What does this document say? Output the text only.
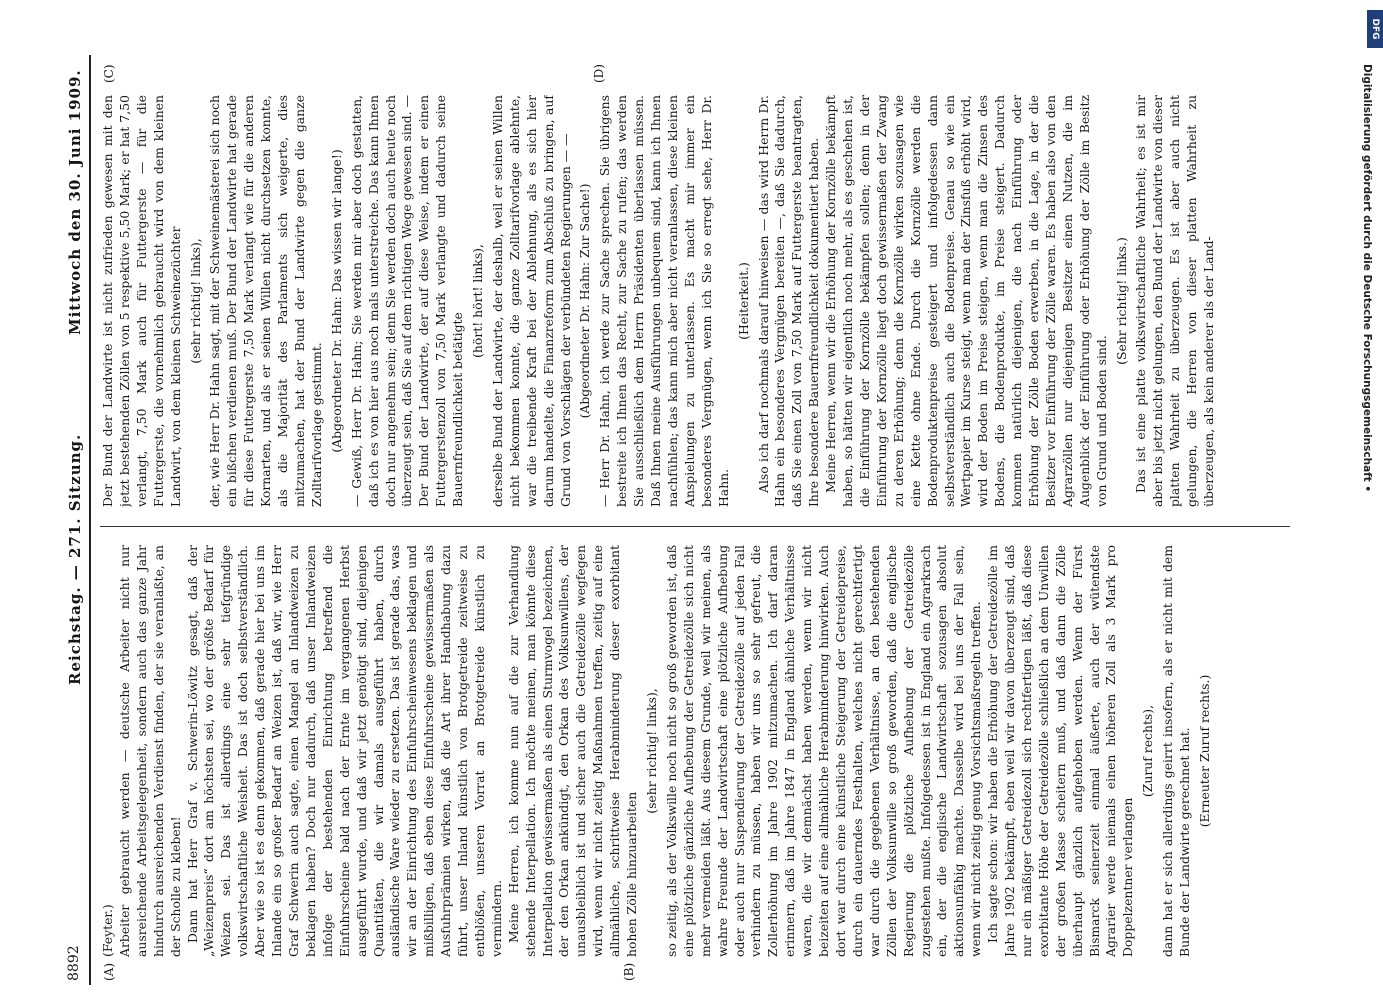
8892
Reichstag. — 271. Sitzung.
Mittwoch den 30. Juni 1909.
(A)	(B)
(C)	(D)

(Feyter.) Arbeiter gebraucht werden — deutsche Arbeiter nicht nur ausreichende Arbeitsgelegenheit, sondern auch das ganze Jahr hindurch ausreichenden Verdienst finden, der sie veranlaßte, an der Scholle zu kleben! Dann hat Herr Graf v. Schwerin-Löwitz gesagt, daß der „Weizenpreis“ dort am höchsten sei, wo der größte Bedarf für Weizen sei. Das ist allerdings eine sehr tiefgründige volkswirtschaftliche Weisheit. Das ist doch selbstverständlich. Aber wie so ist es denn gekommen, daß gerade hier bei uns im Inlande ein so großer Bedarf an Weizen ist, daß wir, wie Herr Graf Schwerin auch sagte, einen Mangel an Inlandweizen zu beklagen haben? Doch nur dadurch, daß unser Inlandweizen infolge der bestehenden Einrichtung betreffend die Einfuhrscheine bald nach der Ernte im vergangenen Herbst ausgeführt wurde, und daß wir jetzt genötigt sind, diejenigen Quantitäten, die wir damals ausgeführt haben, durch ausländische Ware wieder zu ersetzen. Das ist gerade das, was wir an der Einrichtung des Einfuhrscheinwesens beklagen und mißbilligen, daß eben diese Einfuhrscheine gewissermaßen als Ausfuhrprämien wirken, daß die Art ihrer Handhabung dazu führt, unser Inland künstlich von Brotgetreide zeitweise zu entblößen, unseren Vorrat an Brotgetreide künstlich zu vermindern. Meine Herren, ich komme nun auf die zur Verhandlung stehende Interpellation. Ich möchte meinen, man könnte diese Interpellation gewissermaßen als einen Sturmvogel bezeichnen, der den Orkan ankündigt, den Orkan des Volksunwillens, der unausbleiblich ist und sicher auch die Getreidezölle wegfegen wird, wenn wir nicht zeitig Maßnahmen treffen, zeitig auf eine allmähliche, schrittweise Herabminderung dieser exorbitant hohen Zölle hinzuarbeiten

(sehr richtig! links), so zeitig, als der Volkswille noch nicht so groß geworden ist, daß eine plötzliche gänzliche Aufhebung der Getreidezölle sich nicht mehr vermeiden läßt. Aus diesem Grunde, weil wir meinen, als wahre Freunde der Landwirtschaft eine plötzliche Aufhebung oder auch nur Suspendierung der Getreidezölle auf jeden Fall verhindern zu müssen, haben wir uns so sehr gefreut, die Zollerhöhung im Jahre 1902 mitzumachen. Ich darf daran erinnern, daß im Jahre 1847 in England ähnliche Verhältnisse waren, die wir demnächst haben werden, wenn wir nicht beizeiten auf eine allmähliche Herabminderung hinwirken. Auch dort war durch eine künstliche Steigerung der Getreidepreise, durch ein dauerndes Festhalten, welches nicht gerechtfertigt war durch die gegebenen Verhältnisse, an den bestehenden Zöllen der Volksunwille so groß geworden, daß die englische Regierung die plötzliche Aufhebung der Getreidezölle zugestehen mußte. Infolgedessen ist in England ein Agrarkrach ein, der die englische Landwirtschaft sozusagen absolut aktionsunfähig machte. Dasselbe wird bei uns der Fall sein, wenn wir nicht zeitig genug Vorsichtsmaßregeln treffen. Ich sagte schon: wir haben die Erhöhung der Getreidezölle im Jahre 1902 bekämpft, eben weil wir davon überzeugt sind, daß nur ein mäßiger Getreidezoll sich rechtfertigen läßt, daß diese exorbitante Höhe der Getreidezölle schließlich an dem Unwillen der großen Masse scheitern muß, und daß dann die Zölle überhaupt gänzlich aufgehoben werden. Wenn der Fürst Bismarck seinerzeit einmal äußerte, auch der wütendste Agrarier werde niemals einen höheren Zoll als 3 Mark pro Doppelzentner verlangen

(Zuruf rechts), dann hat er sich allerdings geirrt insofern, als er nicht mit dem Bunde der Landwirte gerechnet hat. (Erneuter Zuruf rechts.)

Der Bund der Landwirte ist nicht zufrieden gewesen mit den jetzt bestehenden Zöllen von 5 respektive 5,50 Mark; er hat 7,50 verlangt, 7,50 Mark auch für Futtergerste — für die Futtergerste, die vornehmlich gebraucht wird von dem kleinen Landwirt, von dem kleinen Schweinezüchter (sehr richtig! links), der, wie Herr Dr. Hahn sagt, mit der Schweinemästerei sich noch ein bißchen verdienen muß. Der Bund der Landwirte hat gerade für diese Futtergerste 7,50 Mark verlangt wie für die anderen Kornarten, und als er seinen Willen nicht durchsetzen konnte, als die Majorität des Parlaments sich weigerte, dies mitzumachen, hat der Bund der Landwirte gegen die ganze Zolltarifvorlage gestimmt. (Abgeordneter Dr. Hahn: Das wissen wir lange!) — Gewiß, Herr Dr. Hahn; Sie werden mir aber doch gestatten, daß ich es von hier aus noch mals unterstreiche. Das kann Ihnen doch nur angenehm sein; denn Sie werden doch auch heute noch überzeugt sein, daß Sie auf dem richtigen Wege gewesen sind. — Der Bund der Landwirte, der auf diese Weise, indem er einen Futtergerstenzoll von 7,50 Mark verlangte und dadurch seine Bauernfreundlichkeit betätigte

(hört! hört! links), derselbe Bund der Landwirte, der deshalb, weil er seinen Willen nicht bekommen konnte, die ganze Zolltarifvorlage ablehnte, war die treibende Kraft bei der Ablehnung, als es sich hier darum handelte, die Finanzreform zum Abschluß zu bringen, auf Grund von Vorschlägen der verbündeten Regierungen — — (Abgeordneter Dr. Hahn: Zur Sache!) — Herr Dr. Hahn, ich werde zur Sache sprechen. Sie übrigens bestreite ich Ihnen das Recht, zur Sache zu rufen; das werden Sie ausschließlich dem Herrn Präsidenten überlassen müssen. Daß Ihnen meine Ausführungen unbequem sind, kann ich Ihnen nachfühlen; das kann mich aber nicht veranlassen, diese kleinen Anspielungen zu unterlassen. Es macht mir immer ein besonderes Vergnügen, wenn ich Sie so erregt sehe, Herr Dr. Hahn.

(Heiterkeit.) Also ich darf nochmals darauf hinweisen — das wird Herrn Dr. Hahn ein besonderes Vergnügen bereiten —, daß Sie dadurch, daß Sie einen Zoll von 7,50 Mark auf Futtergerste beantragten, Ihre besondere Bauernfreundlichkeit dokumentiert haben. Meine Herren, wenn wir die Erhöhung der Kornzölle bekämpft haben, so hätten wir eigentlich noch mehr, als es geschehen ist, die Einführung der Kornzölle bekämpfen sollen; denn in der Einführung der Kornzölle liegt doch gewissermaßen der Zwang zu deren Erhöhung; denn die Kornzölle wirken sozusagen wie eine Kette ohne Ende. Durch die Kornzölle werden die Bodenproduktenpreise gesteigert und infolgedessen dann selbstverständlich auch die Bodenpreise. Genau so wie ein Wertpapier im Kurse steigt, wenn man der Zinsfuß erhöht wird, wird der Boden im Preise steigen, wenn man die Zinsen des Bodens, die Bodenprodukte, im Preise steigert. Dadurch kommen natürlich diejenigen, die nach Einführung oder Erhöhung der Zölle Boden erwerben, in die Lage, in der die Besitzer vor Einführung der Zölle waren. Es haben also von den Agrarzöllen nur diejenigen Besitzer einen Nutzen, die im Augenblick der Einführung oder Erhöhung der Zölle im Besitz von Grund und Boden sind.

(Sehr richtig! links.) Das ist eine platte volkswirtschaftliche Wahrheit; es ist mir aber bis jetzt nicht gelungen, den Bund der Landwirte von dieser platten Wahrheit zu überzeugen. Es ist aber auch nicht gelungen, die Herren von dieser platten Wahrheit zu überzeugen, als kein anderer als der Land-

DFG
Digitalisierung gefördert durch die Deutsche Forschungsgemeinschaft •
